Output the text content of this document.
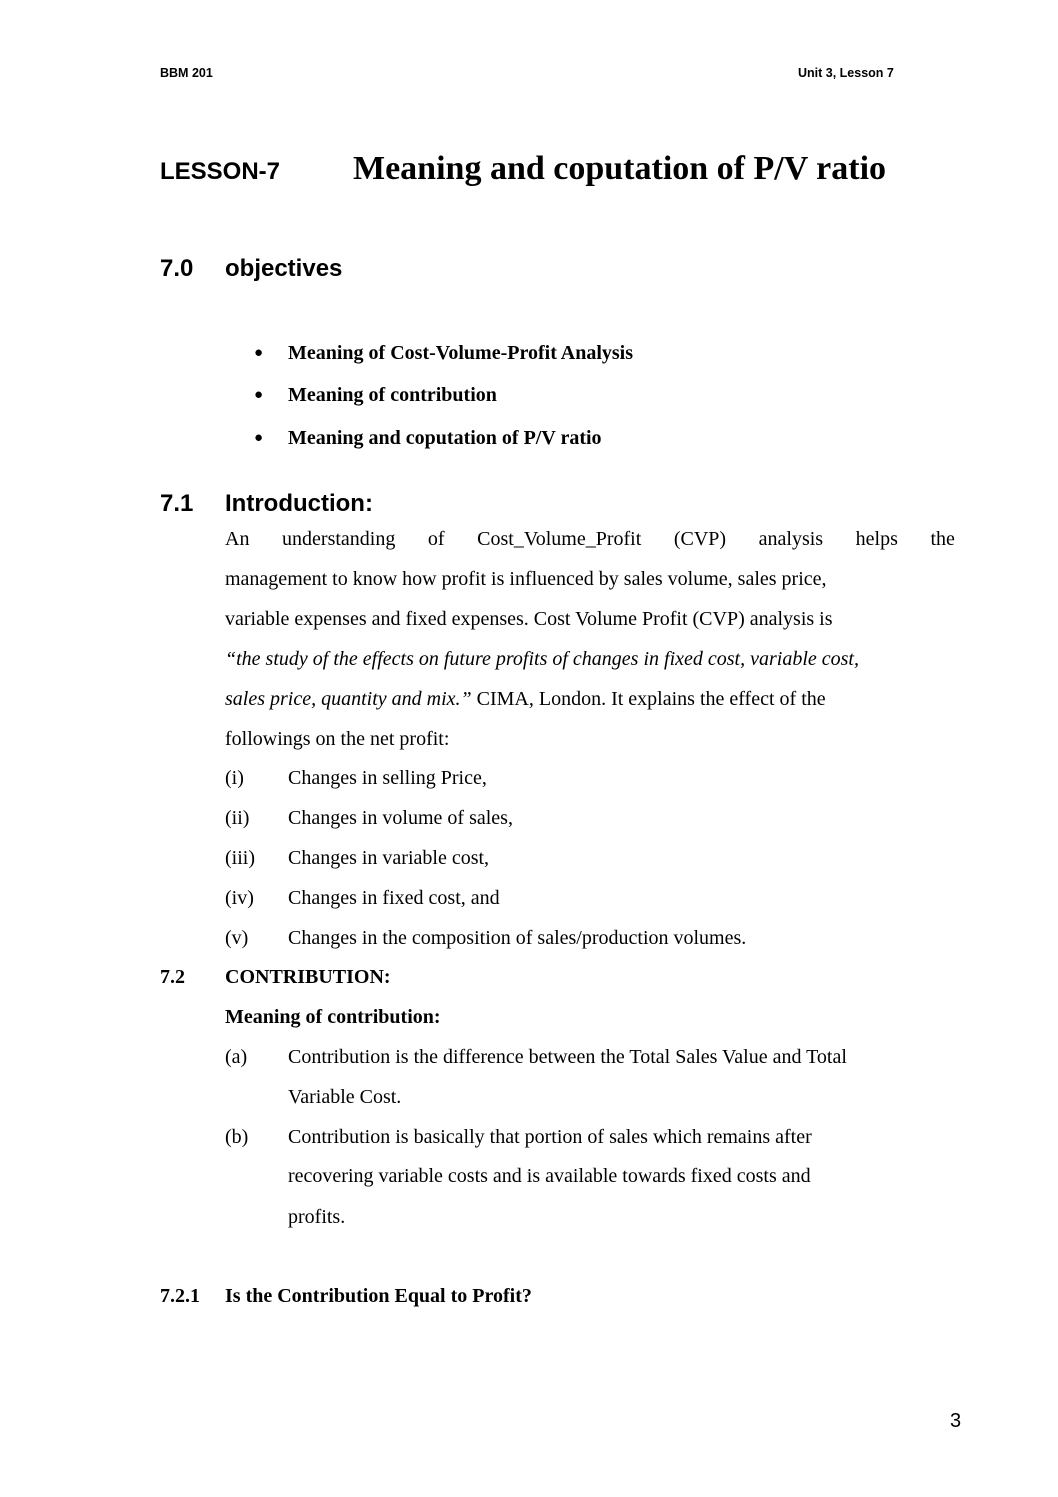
BBM 201	Unit 3, Lesson 7
LESSON-7 Meaning and coputation of P/V ratio
7.0 objectives
● Meaning of Cost-Volume-Profit Analysis
● Meaning of contribution
● Meaning and coputation of P/V ratio
7.1 Introduction:
An understanding of Cost_Volume_Profit (CVP) analysis helps the
management to know how profit is influenced by sales volume, sales price,
variable expenses and fixed expenses. Cost Volume Profit (CVP) analysis is
“the study of the effects on future profits of changes in fixed cost, variable cost,
sales price, quantity and mix.” CIMA, London. It explains the effect of the
followings on the net profit:
(i) Changes in selling Price,
(ii) Changes in volume of sales,
(iii) Changes in variable cost,
(iv) Changes in fixed cost, and
(v) Changes in the composition of sales/production volumes.
7.2 CONTRIBUTION:
Meaning of contribution:
(a) Contribution is the difference between the Total Sales Value and Total
Variable Cost.
(b) Contribution is basically that portion of sales which remains after
recovering variable costs and is available towards fixed costs and
profits.
7.2.1 Is the Contribution Equal to Profit?
3
